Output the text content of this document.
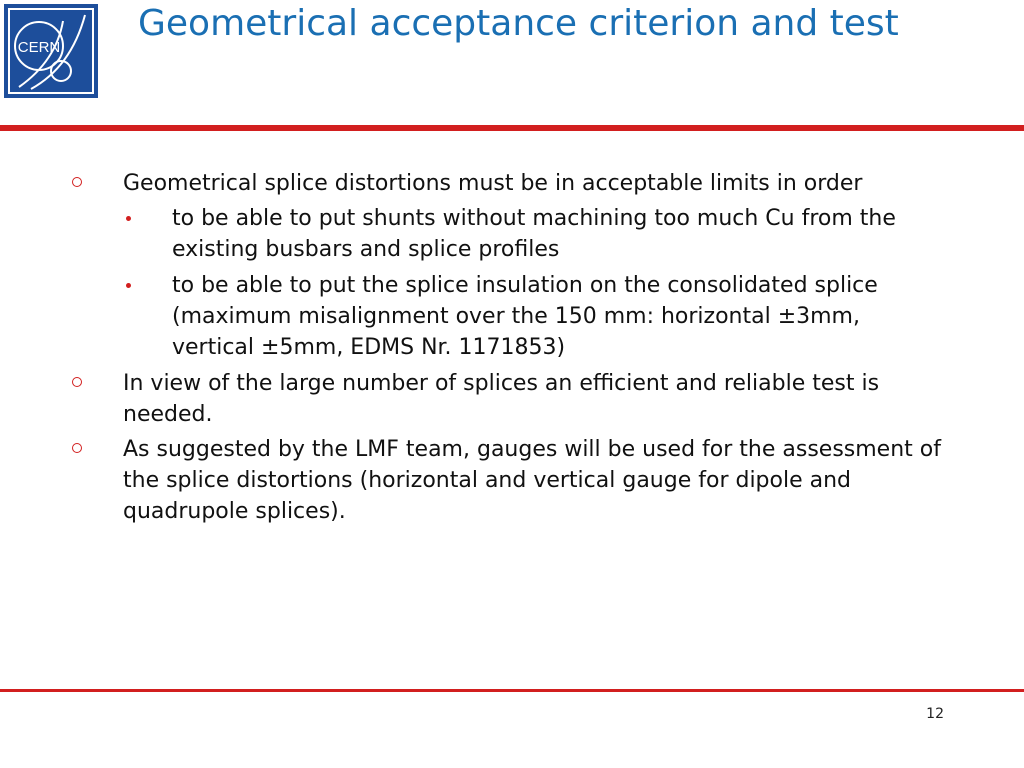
CERN
Geometrical acceptance criterion and test
Geometrical splice distortions must be in acceptable limits in order
to be able to put shunts without machining too much Cu from the existing busbars and splice profiles
to be able to put the splice insulation on the consolidated splice (maximum misalignment over the 150 mm: horizontal ±3mm, vertical ±5mm, EDMS Nr. 1171853)
In view of the large number of splices an efficient and reliable test is needed.
As suggested by the LMF team, gauges will be used for the assessment of the splice distortions (horizontal and vertical gauge for dipole and quadrupole splices).
12
